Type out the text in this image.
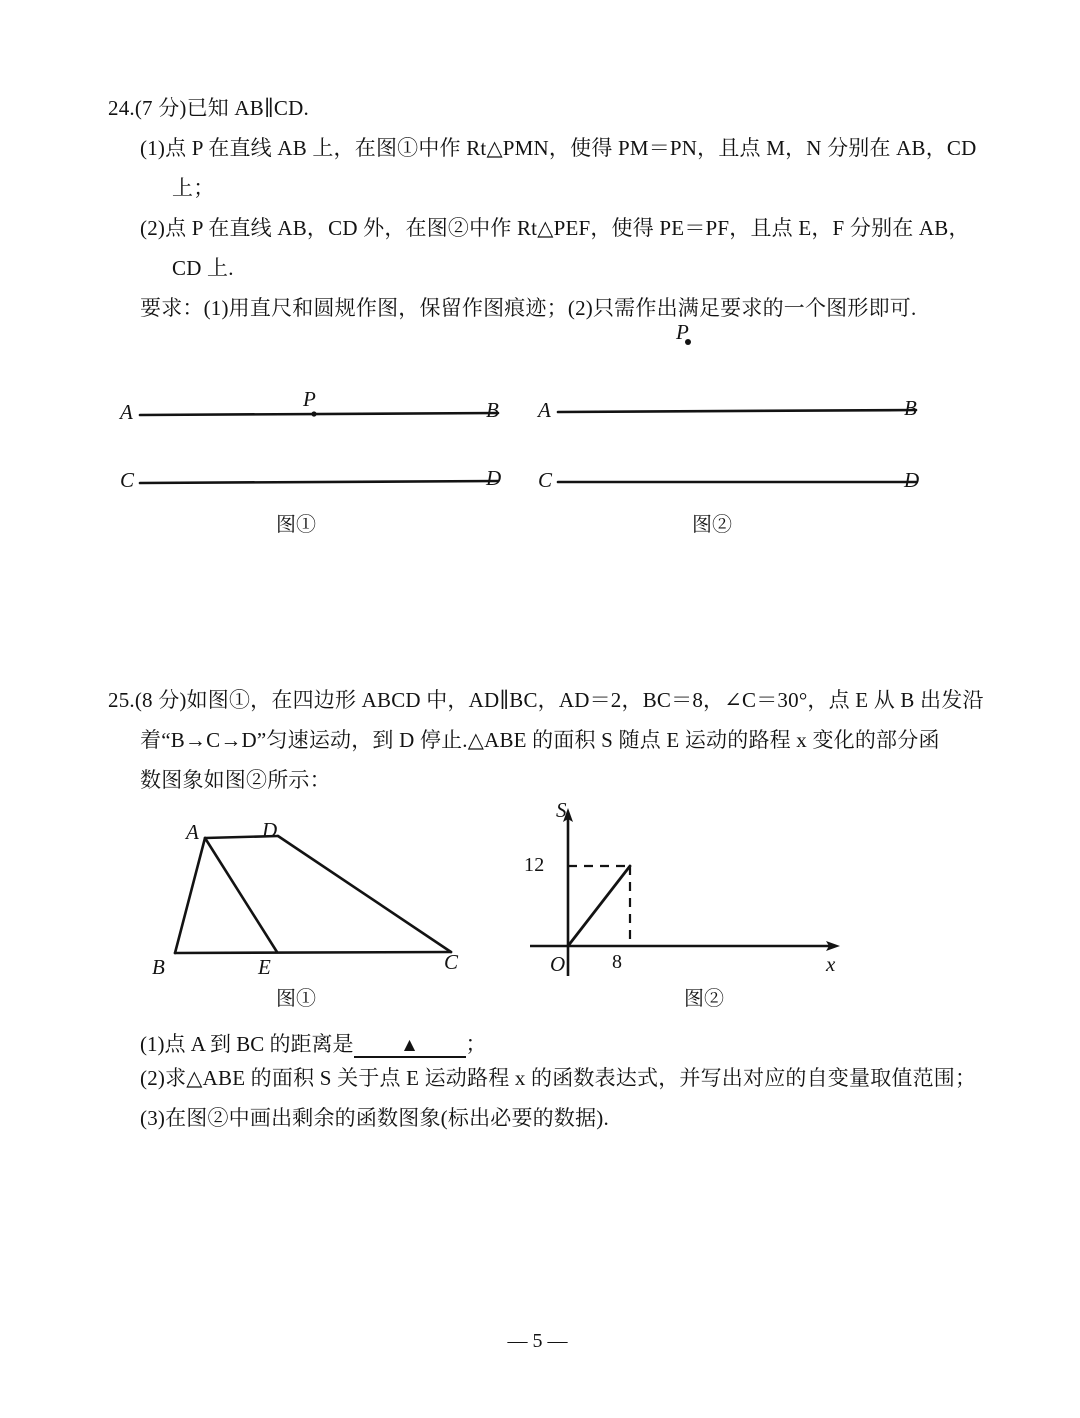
24.(7 分)已知 AB∥CD.
(1)点 P 在直线 AB 上，在图①中作 Rt△PMN，使得 PM＝PN，且点 M，N 分别在 AB，CD
上；
(2)点 P 在直线 AB，CD 外，在图②中作 Rt△PEF，使得 PE＝PF，且点 E，F 分别在 AB，
CD 上.
要求：(1)用直尺和圆规作图，保留作图痕迹；(2)只需作出满足要求的一个图形即可.
A	B
C	D
P
图①
A	B
C	D
P
图②
25.(8 分)如图①，在四边形 ABCD 中，AD∥BC，AD＝2，BC＝8，∠C＝30°，点 E 从 B 出发沿
着“B→C→D”匀速运动，到 D 停止.△ABE 的面积 S 随点 E 运动的路程 x 变化的部分函
数图象如图②所示：
A	D
B	E	C
图①
S
x
O
12
8
图②
(1)点 A 到 BC 的距离是 ▲ ；
(2)求△ABE 的面积 S 关于点 E 运动路程 x 的函数表达式，并写出对应的自变量取值范围；
(3)在图②中画出剩余的函数图象(标出必要的数据).
—5—
